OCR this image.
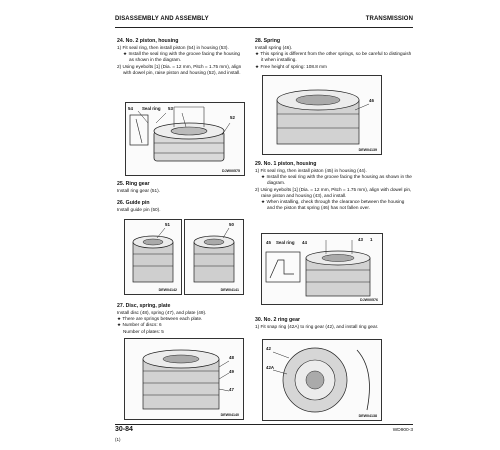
DISASSEMBLY AND ASSEMBLY	TRANSMISSION

24. No. 2 piston, housing

1) Fit seal ring, then install piston (54) in housing (53).

★ Install the seal ring with the groove facing the housing as shown in the diagram.

2) Using eyebolts [1] (Dia. = 12 mm, Pitch = 1.75 mm), align with dowel pin, raise piston and housing (52), and install.

54 Seal ring 53
52
DJW00575

25. Ring gear

Install ring gear (51).

26. Guide pin

Install guide pin (50).

51
DEW04142
50
DEW04141

27. Disc, spring, plate

Install disc (48), spring (47), and plate (49).

★ There are springs between each plate.

★ Number of discs: 6

Number of plates: 5

48
49
47
DEW04140

28. Spring

Install spring (46).

★ This spring is different from the other springs, so be careful to distinguish it when installing.

★ Free height of spring: 108.8 mm

46
DEW04139

29. No. 1 piston, housing

1) Fit seal ring, then install piston (45) in housing (44).

★ Install the seal ring with the groove facing the housing as shown in the diagram.

2) Using eyebolts [1] (Dia. = 12 mm, Pitch = 1.75 mm), align with dowel pin, raise piston and housing (43), and install.

★ When installing, check through the clearance between the housing and the piston that spring (46) has not fallen over.

45 Seal ring 44
43 1
DJW00576

30. No. 2 ring gear

1) Fit snap ring (42A) to ring gear (42), and install ring gear.

42
42A
DEW04138
30-84
(1)
WD900-3
